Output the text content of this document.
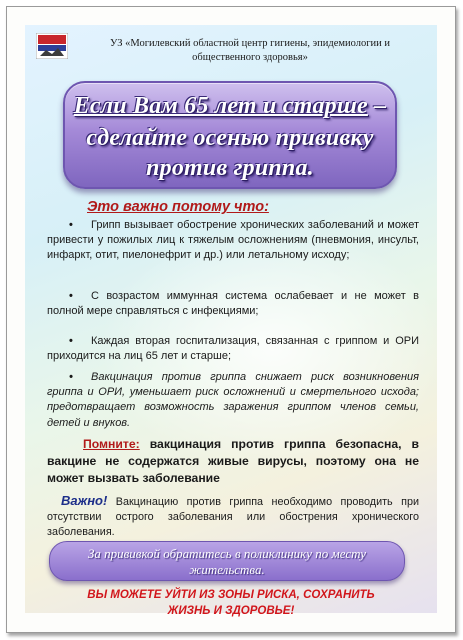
УЗ «Могилевский областной центр гигиены, эпидемиологии и
общественного здоровья»
Если Вам 65 лет и старше –
сделайте осенью прививку
против гриппа.
Это важно потому что:
• Грипп вызывает обострение хронических заболеваний и может привести у пожилых лиц к тяжелым осложнениям (пневмония, инсульт, инфаркт, отит, пиелонефрит и др.) или летальному исходу;
• С возрастом иммунная система ослабевает и не может в полной мере справляться с инфекциями;
• Каждая вторая госпитализация, связанная с гриппом и ОРИ приходится на лиц 65 лет и старше;
• Вакцинация против гриппа снижает риск возникновения гриппа и ОРИ, уменьшает риск осложнений и смертельного исхода; предотвращает возможность заражения гриппом членов семьи, детей и внуков.
Помните: вакцинация против гриппа безопасна, в вакцине не содержатся живые вирусы, поэтому она не может вызвать заболевание
Важно! Вакцинацию против гриппа необходимо проводить при отсутствии острого заболевания или обострения хронического заболевания.
За прививкой обратитесь в поликлинику по месту
жительства.
ВЫ МОЖЕТЕ УЙТИ ИЗ ЗОНЫ РИСКА, СОХРАНИТЬ
ЖИЗНЬ И ЗДОРОВЬЕ!
